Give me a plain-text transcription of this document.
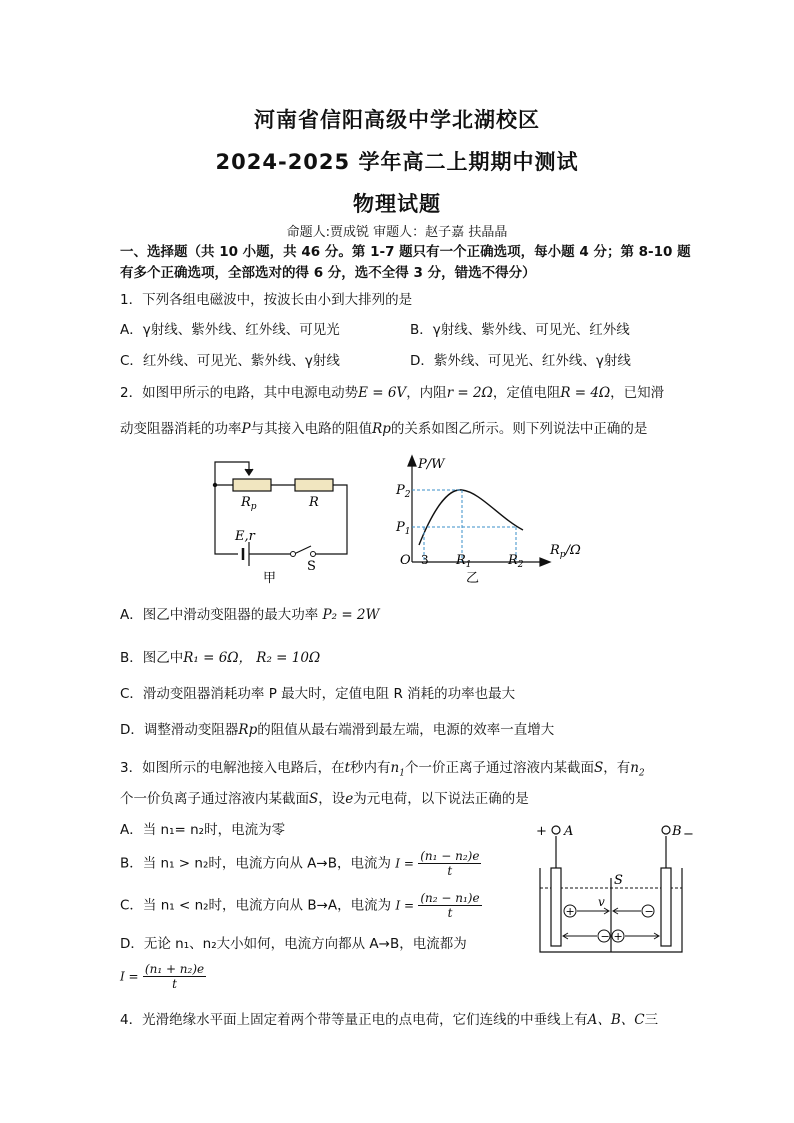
河南省信阳高级中学北湖校区
2024-2025 学年高二上期期中测试
物理试题
命题人:贾成锐 审题人：赵子嘉 扶晶晶
一、选择题（共 10 小题，共 46 分。第 1-7 题只有一个正确选项，每小题 4 分；第 8-10 题
有多个正确选项，全部选对的得 6 分，选不全得 3 分，错选不得分）
1．下列各组电磁波中，按波长由小到大排列的是
A．γ射线、紫外线、红外线、可见光	B．γ射线、紫外线、可见光、红外线
C．红外线、可见光、紫外线、γ射线	D．紫外线、可见光、红外线、γ射线
2．如图甲所示的电路，其中电源电动势E = 6V，内阻r = 2Ω，定值电阻R = 4Ω，已知滑
动变阻器消耗的功率P与其接入电路的阻值Rp的关系如图乙所示。则下列说法中正确的是
$R_p$	R
E,r
S
甲
P/W
$P_2$
$P_1$
O 3 $R_1$	$R_2$
$R_p/\Omega$
乙
A．图乙中滑动变阻器的最大功率 P₂ = 2W
B．图乙中R₁ = 6Ω， R₂ = 10Ω
C．滑动变阻器消耗功率 P 最大时，定值电阻 R 消耗的功率也最大
D．调整滑动变阻器Rp的阻值从最右端滑到最左端，电源的效率一直增大
3．如图所示的电解池接入电路后，在t秒内有$n_1$个一价正离子通过溶液内某截面S，有$n_2$
个一价负离子通过溶液内某截面S，设e为元电荷，以下说法正确的是
A．当 n₁= n₂时，电流为零
B．当 n₁ > n₂时，电流方向从 A→B，电流为 $I = \frac{\text{(n₁ − n₂)e}}{t}$
C．当 n₁ < n₂时，电流方向从 B→A，电流为 $I = \frac{\text{(n₂ − n₁)e}}{t}$
D．无论 n₁、n₂大小如何，电流方向都从 A→B，电流都为
$I = \frac{\text{(n₁ + n₂)e}}{t}$
+ A	B −
S
v
+	−
− +
4．光滑绝缘水平面上固定着两个带等量正电的点电荷，它们连线的中垂线上有A、B、C三
